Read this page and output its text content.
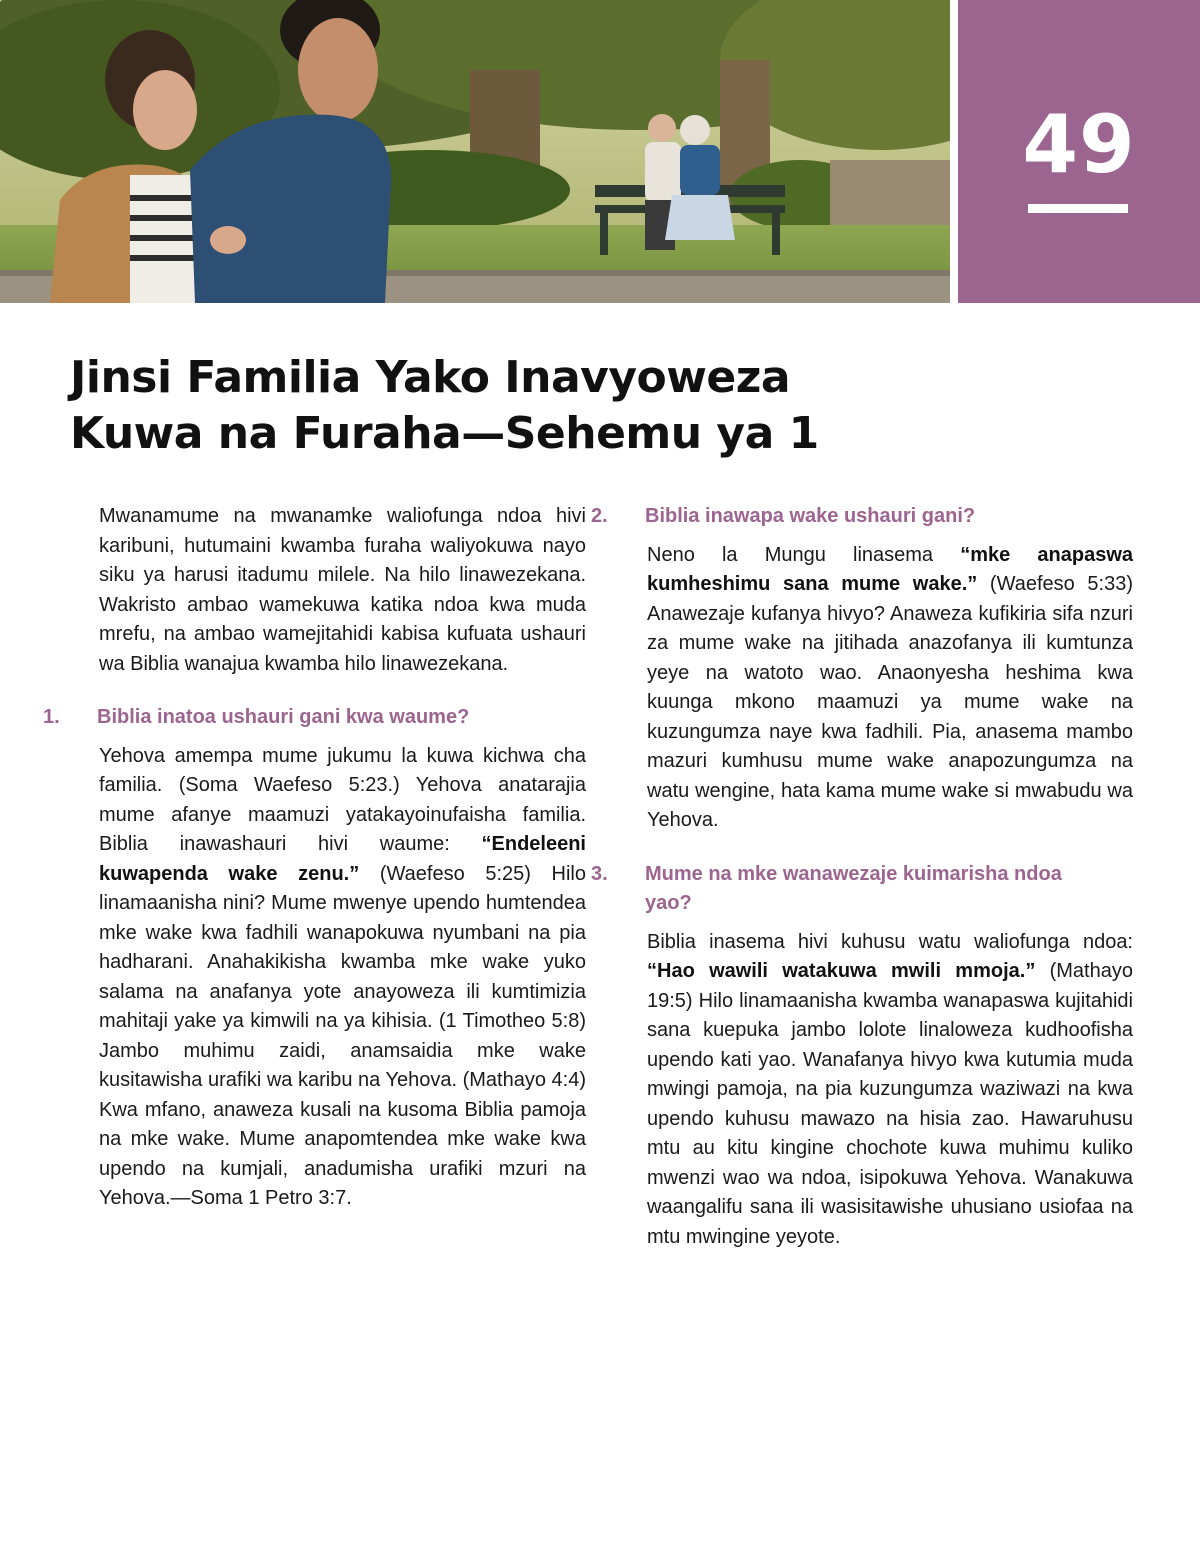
49
Jinsi Familia Yako Inavyoweza
Kuwa na Furaha—Sehemu ya 1

Mwanamume na mwanamke waliofunga ndoa hivi karibuni, hutumaini kwamba furaha waliyokuwa nayo siku ya harusi itadumu milele. Na hilo linawezekana. Wakristo ambao wamekuwa katika ndoa kwa muda mrefu, na ambao wamejitahidi kabisa kufuata ushauri wa Biblia wanajua kwamba hilo linawezekana.

1. Biblia inatoa ushauri gani kwa waume?

Yehova amempa mume jukumu la kuwa kichwa cha familia. (Soma Waefeso 5:23.) Yehova anatarajia mume afanye maamuzi yatakayoinufaisha familia. Biblia inawashauri hivi waume: “Endeleeni kuwapenda wake zenu.” (Waefeso 5:25) Hilo linamaanisha nini? Mume mwenye upendo humtendea mke wake kwa fadhili wanapokuwa nyumbani na pia hadharani. Anahakikisha kwamba mke wake yuko salama na anafanya yote anayoweza ili kumtimizia mahitaji yake ya kimwili na ya kihisia. (1 Timotheo 5:8) Jambo muhimu zaidi, anamsaidia mke wake kusitawisha urafiki wa karibu na Yehova. (Mathayo 4:4) Kwa mfano, anaweza kusali na kusoma Biblia pamoja na mke wake. Mume anapomtendea mke wake kwa upendo na kumjali, anadumisha urafiki mzuri na Yehova.—Soma 1 Petro 3:7.

2. Biblia inawapa wake ushauri gani?

Neno la Mungu linasema “mke anapaswa kumheshimu sana mume wake.” (Waefeso 5:33) Anawezaje kufanya hivyo? Anaweza kufikiria sifa nzuri za mume wake na jitihada anazofanya ili kumtunza yeye na watoto wao. Anaonyesha heshima kwa kuunga mkono maamuzi ya mume wake na kuzungumza naye kwa fadhili. Pia, anasema mambo mazuri kumhusu mume wake anapozungumza na watu wengine, hata kama mume wake si mwabudu wa Yehova.

3. Mume na mke wanawezaje kuimarisha ndoa yao?

Biblia inasema hivi kuhusu watu waliofunga ndoa: “Hao wawili watakuwa mwili mmoja.” (Mathayo 19:5) Hilo linamaanisha kwamba wanapaswa kujitahidi sana kuepuka jambo lolote linaloweza kudhoofisha upendo kati yao. Wanafanya hivyo kwa kutumia muda mwingi pamoja, na pia kuzungumza waziwazi na kwa upendo kuhusu mawazo na hisia zao. Hawaruhusu mtu au kitu kingine chochote kuwa muhimu kuliko mwenzi wao wa ndoa, isipokuwa Yehova. Wanakuwa waangalifu sana ili wasisitawishe uhusiano usiofaa na mtu mwingine yeyote.
